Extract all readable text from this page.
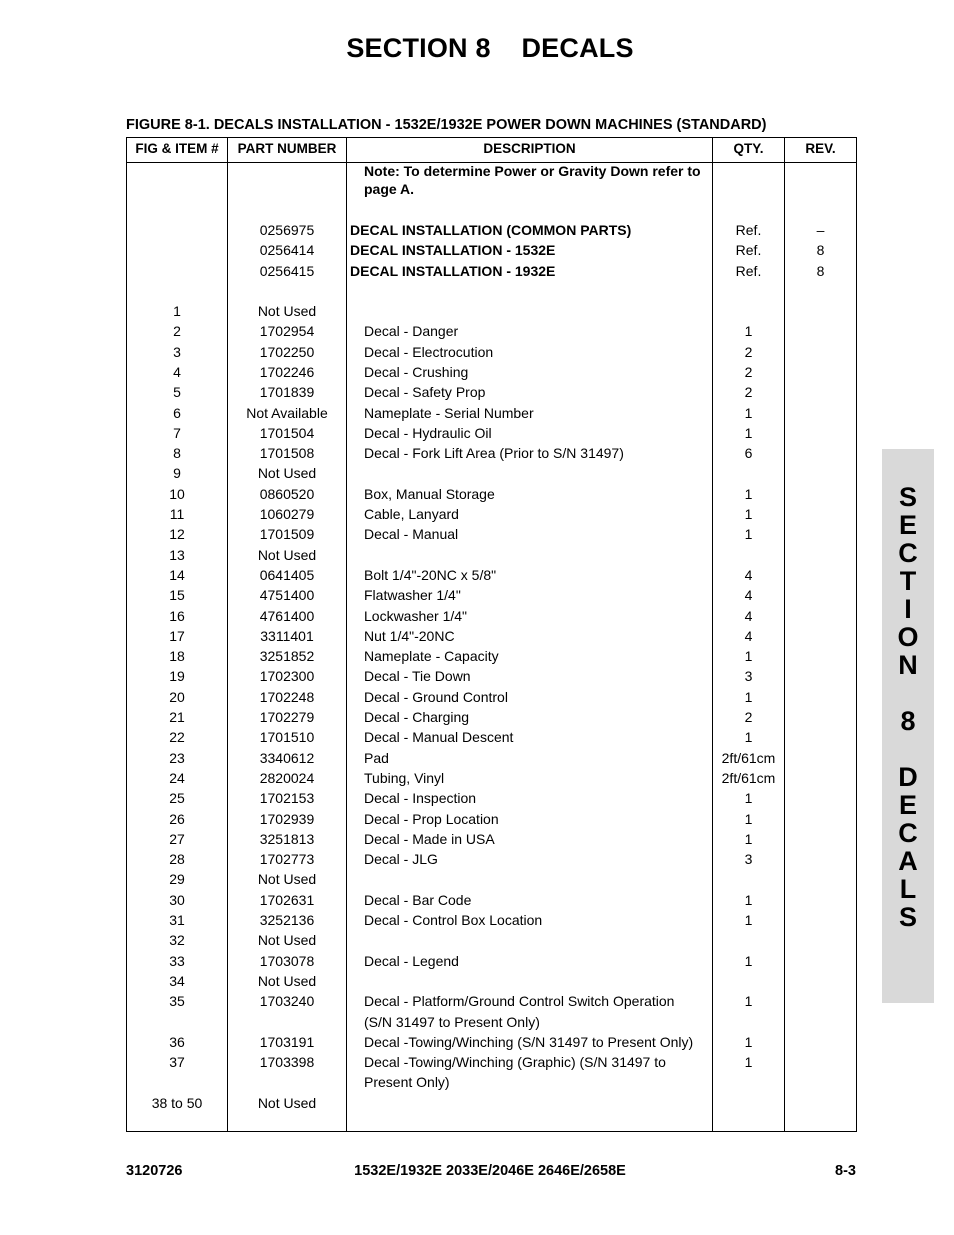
SECTION 8    DECALS
FIGURE 8-1. DECALS INSTALLATION - 1532E/1932E POWER DOWN MACHINES (STANDARD)
FIG & ITEM #	PART NUMBER	DESCRIPTION	QTY.	REV.
Note: To determine Power or Gravity Down refer to page A.
S
E
C
T
I
O
N
8
D
E
C
A
L
S
3120726	1532E/1932E 2033E/2046E 2646E/2658E	8-3
0256975	DECAL INSTALLATION (COMMON PARTS)	Ref.	–
0256414	DECAL INSTALLATION - 1532E	Ref.	8
0256415	DECAL INSTALLATION - 1932E	Ref.	8
1	Not Used
2	1702954	Decal - Danger	1
3	1702250	Decal - Electrocution	2
4	1702246	Decal - Crushing	2
5	1701839	Decal - Safety Prop	2
6	Not Available	Nameplate - Serial Number	1
7	1701504	Decal - Hydraulic Oil	1
8	1701508	Decal - Fork Lift Area (Prior to S/N 31497)	6
9	Not Used
10	0860520	Box, Manual Storage	1
11	1060279	Cable, Lanyard	1
12	1701509	Decal - Manual	1
13	Not Used
14	0641405	Bolt 1/4"-20NC x 5/8"	4
15	4751400	Flatwasher 1/4"	4
16	4761400	Lockwasher 1/4"	4
17	3311401	Nut 1/4"-20NC	4
18	3251852	Nameplate - Capacity	1
19	1702300	Decal - Tie Down	3
20	1702248	Decal - Ground Control	1
21	1702279	Decal - Charging	2
22	1701510	Decal - Manual Descent	1
23	3340612	Pad	2ft/61cm
24	2820024	Tubing, Vinyl	2ft/61cm
25	1702153	Decal - Inspection	1
26	1702939	Decal - Prop Location	1
27	3251813	Decal - Made in USA	1
28	1702773	Decal - JLG	3
29	Not Used
30	1702631	Decal - Bar Code	1
31	3252136	Decal - Control Box Location	1
32	Not Used
33	1703078	Decal - Legend	1
34	Not Used
35	1703240	Decal - Platform/Ground Control Switch Operation	1
(S/N 31497 to Present Only)
36	1703191	Decal -Towing/Winching (S/N 31497 to Present Only)	1
37	1703398	Decal -Towing/Winching (Graphic) (S/N 31497 to	1
Present Only)
38 to 50	Not Used
